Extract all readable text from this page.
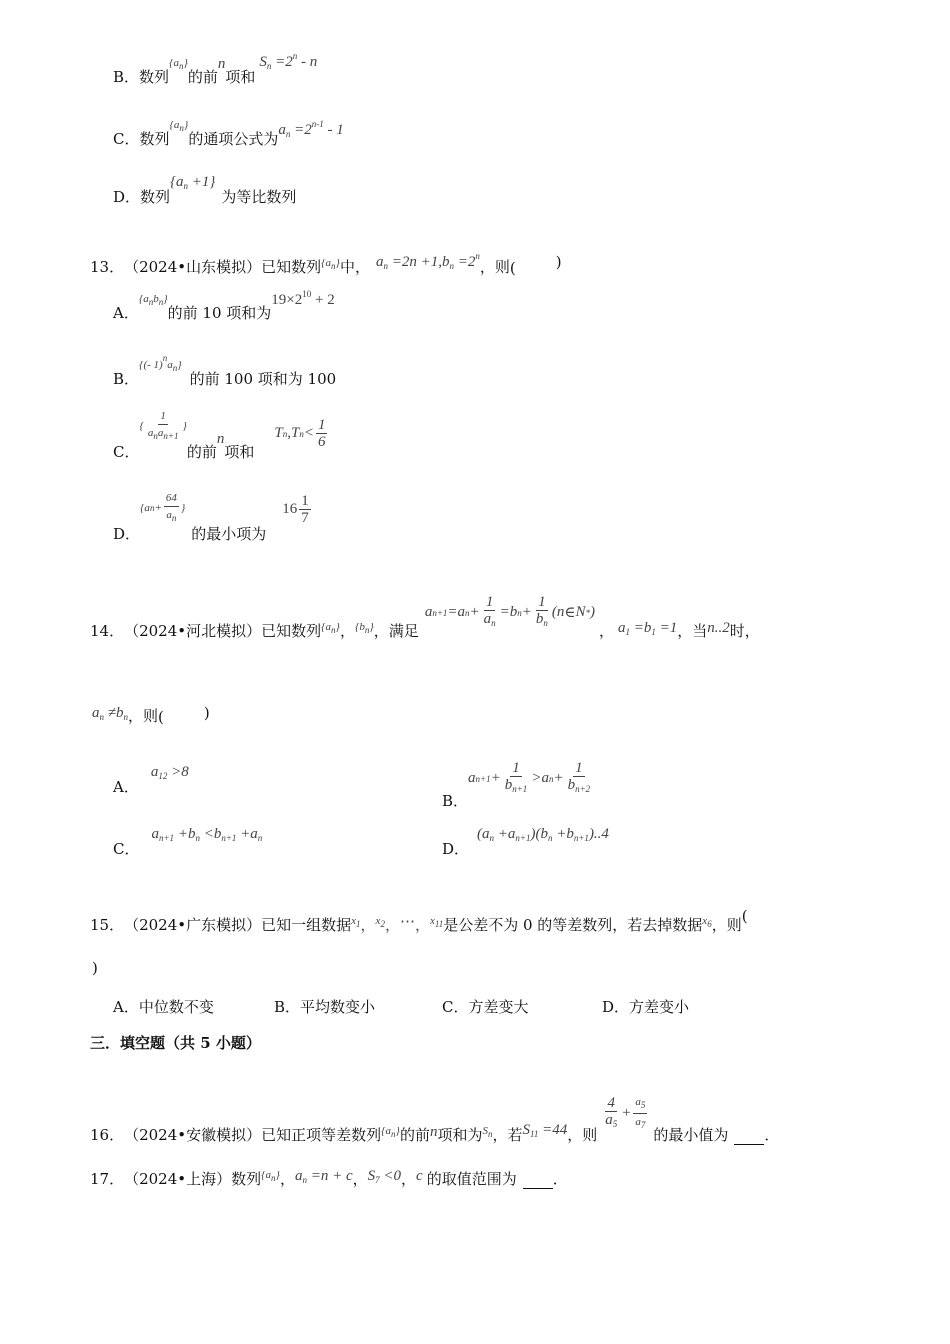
B． 数列
$\{a_n\}$
的前
n
项和
$S_n =2^n - n$
C． 数列
$\{a_n\}$
的通项公式为 $a_n =2^{n-1} - 1$
D． 数列
$\{a_n +1\}$
为等比数列
13． （2024•山东模拟） 已知数列 $\{a_n\}$ 中， $a_n =2n +1,b_n =2^n$
，则 (	)
A．
$\{a_nb_n\}$
的前 10 项和为
$19\times 2^{10} + 2$
B．
{(- $1)^na_n$}
的前 100 项和为 100
C．
{ $\frac{1}{a_na_{n+1}}$ }
的前
n
项和
T n ,T $n < \frac{1}{6}$
D．
{a $n + \frac{64}{a_n}$ }
的最小项为
$16 \frac{1}{7}$
14． （2024•河北模拟） 已知数列 $\{a_n\}$ ， $\{b_n\}$ ， 满足
a n+1 = a $n + \frac{1}{a_n} = b$ $n + \frac{1}{b_n}$ ( n ∈ N * )
， $a_1 =b_1 =1$ ，当 n..2 时，
$a_n \ne b_n$ ，则 (	)
A．
$a_{12} >8$
B．
a $n+1 + \frac{1}{b_{n+1}} > a$ $n + \frac{1}{b_{n+2}}$
C．
$a_{n+1} +b_n <b_{n+1} +a_n$
D．
$(a_n +a_{n+1})(b_n +b_{n+1})..4$
15． （2024•广东模拟） 已知一组数据 $x_1$ ， $x_2$ ， ⋯ ， $x_{11}$ 是公差不为 0 的等差数列，若去掉数据 $x_6$ ，则 (
)
A．中位数不变	B．平均数变小	C．方差变大	D．方差变小
三．填空题（共 5 小题）
16． （2024•安徽模拟） 已知正项等差数列 $\{a_n\}$ 的前 n 项和为 $S_n$ ，若 $S_{11} =44$ ，则
$\frac{4}{a_5} + \frac{a_5}{a_7}$
的最小值为 ．
17． （2024•上海） 数列 $\{a_n\}$ ， $a_n =n + c$ ， $S_7 <0$ ， c 的取值范围为 ．
